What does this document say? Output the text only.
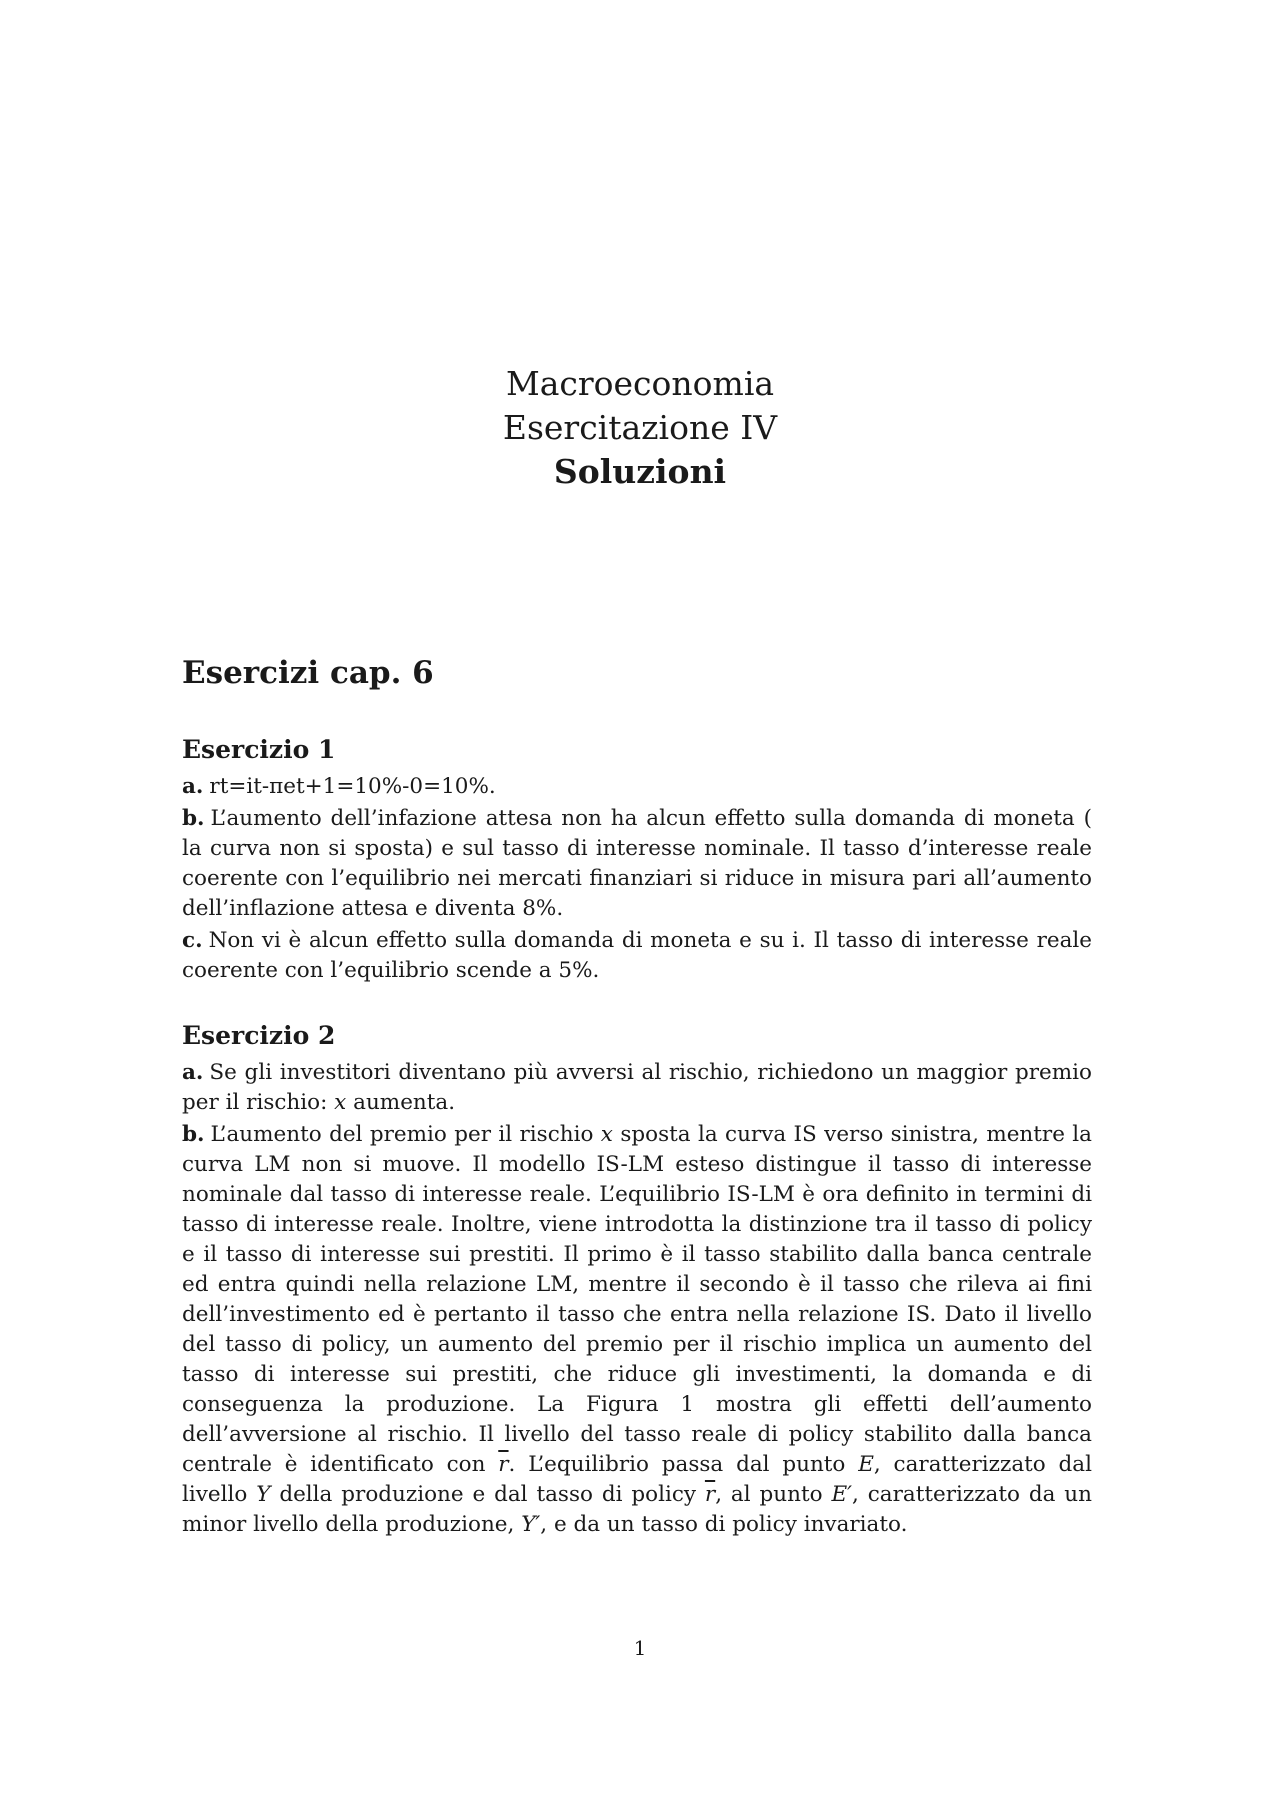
Macroeconomia
Esercitazione IV
Soluzioni
Esercizi cap. 6
Esercizio 1

a. rt=it-πet+1=10%-0=10%.

b. L’aumento dell’infazione attesa non ha alcun effetto sulla domanda di moneta ( la curva non si sposta) e sul tasso di interesse nominale. Il tasso d’interesse reale coerente con l’equilibrio nei mercati finanziari si riduce in misura pari all’aumento dell’inflazione attesa e diventa 8%.

c. Non vi è alcun effetto sulla domanda di moneta e su i. Il tasso di interesse reale coerente con l’equilibrio scende a 5%.

Esercizio 2

a. Se gli investitori diventano più avversi al rischio, richiedono un maggior premio per il rischio: x aumenta.

b. L’aumento del premio per il rischio x sposta la curva IS verso sinistra, mentre la curva LM non si muove. Il modello IS-LM esteso distingue il tasso di interesse nominale dal tasso di interesse reale. L’equilibrio IS-LM è ora definito in termini di tasso di interesse reale. Inoltre, viene introdotta la distinzione tra il tasso di policy e il tasso di interesse sui prestiti. Il primo è il tasso stabilito dalla banca centrale ed entra quindi nella relazione LM, mentre il secondo è il tasso che rileva ai fini dell’investimento ed è pertanto il tasso che entra nella relazione IS. Dato il livello del tasso di policy, un aumento del premio per il rischio implica un aumento del tasso di interesse sui prestiti, che riduce gli investimenti, la domanda e di conseguenza la produzione. La Figura 1 mostra gli effetti dell’aumento dell’avversione al rischio. Il livello del tasso reale di policy stabilito dalla banca centrale è identificato con $\overline{r}$. L’equilibrio passa dal punto E, caratterizzato dal livello Y della produzione e dal tasso di policy $\overline{r}$, al punto E′, caratterizzato da un minor livello della produzione, Y′, e da un tasso di policy invariato.

1
